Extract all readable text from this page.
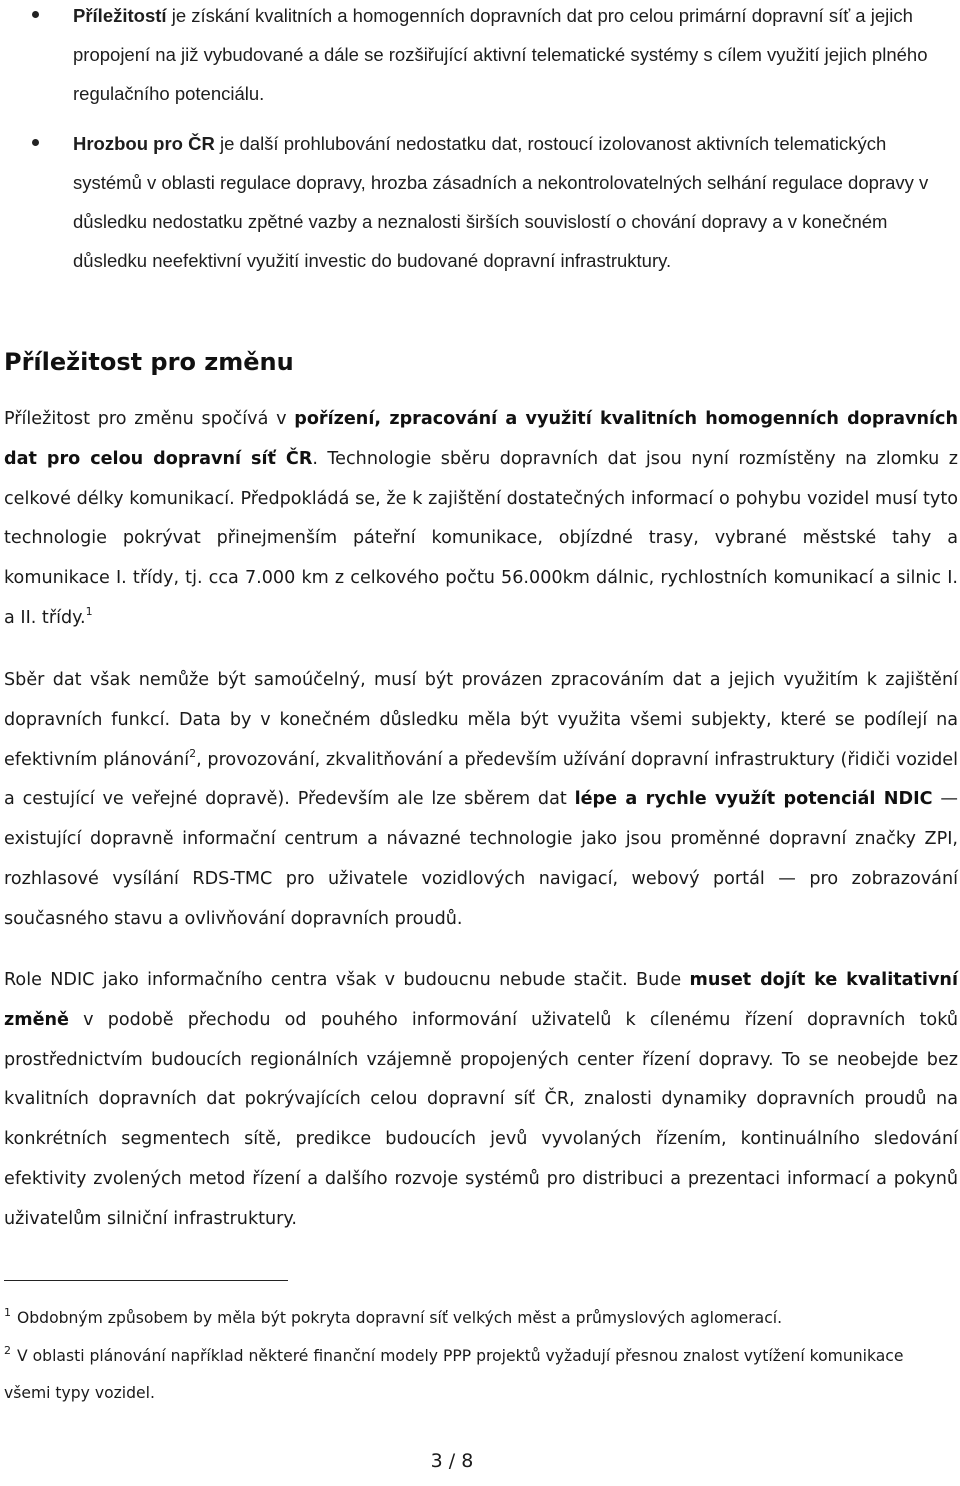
Příležitostí je získání kvalitních a homogenních dopravních dat pro celou primární dopravní síť a jejich propojení na již vybudované a dále se rozšiřující aktivní telematické systémy s cílem využití jejich plného regulačního potenciálu.
Hrozbou pro ČR je další prohlubování nedostatku dat, rostoucí izolovanost aktivních telematických systémů v oblasti regulace dopravy, hrozba zásadních a nekontrolovatelných selhání regulace dopravy v důsledku nedostatku zpětné vazby a neznalosti širších souvislostí o chování dopravy a v konečném důsledku neefektivní využití investic do budované dopravní infrastruktury.
Příležitost pro změnu

Příležitost pro změnu spočívá v pořízení, zpracování a využití kvalitních homogenních dopravních dat pro celou dopravní síť ČR. Technologie sběru dopravních dat jsou nyní rozmístěny na zlomku z celkové délky komunikací. Předpokládá se, že k zajištění dostatečných informací o pohybu vozidel musí tyto technologie pokrývat přinejmenším páteřní komunikace, objízdné trasy, vybrané městské tahy a komunikace I. třídy, tj. cca 7.000 km z celkového počtu 56.000km dálnic, rychlostních komunikací a silnic I. a II. třídy.$^1$

Sběr dat však nemůže být samoúčelný, musí být provázen zpracováním dat a jejich využitím k zajištění dopravních funkcí. Data by v konečném důsledku měla být využita všemi subjekty, které se podílejí na efektivním plánování$^2$, provozování, zkvalitňování a především užívání dopravní infrastruktury (řidiči vozidel a cestující ve veřejné dopravě). Především ale lze sběrem dat lépe a rychle využít potenciál NDIC — existující dopravně informační centrum a návazné technologie jako jsou proměnné dopravní značky ZPI, rozhlasové vysílání RDS-TMC pro uživatele vozidlových navigací, webový portál — pro zobrazování současného stavu a ovlivňování dopravních proudů.

Role NDIC jako informačního centra však v budoucnu nebude stačit. Bude muset dojít ke kvalitativní změně v podobě přechodu od pouhého informování uživatelů k cílenému řízení dopravních toků prostřednictvím budoucích regionálních vzájemně propojených center řízení dopravy. To se neobejde bez kvalitních dopravních dat pokrývajících celou dopravní síť ČR, znalosti dynamiky dopravních proudů na konkrétních segmentech sítě, predikce budoucích jevů vyvolaných řízením, kontinuálního sledování efektivity zvolených metod řízení a dalšího rozvoje systémů pro distribuci a prezentaci informací a pokynů uživatelům silniční infrastruktury.

$^1$ Obdobným způsobem by měla být pokryta dopravní síť velkých měst a průmyslových aglomerací.

$^2$ V oblasti plánování například některé finanční modely PPP projektů vyžadují přesnou znalost vytížení komunikace všemi typy vozidel.

3 / 8
